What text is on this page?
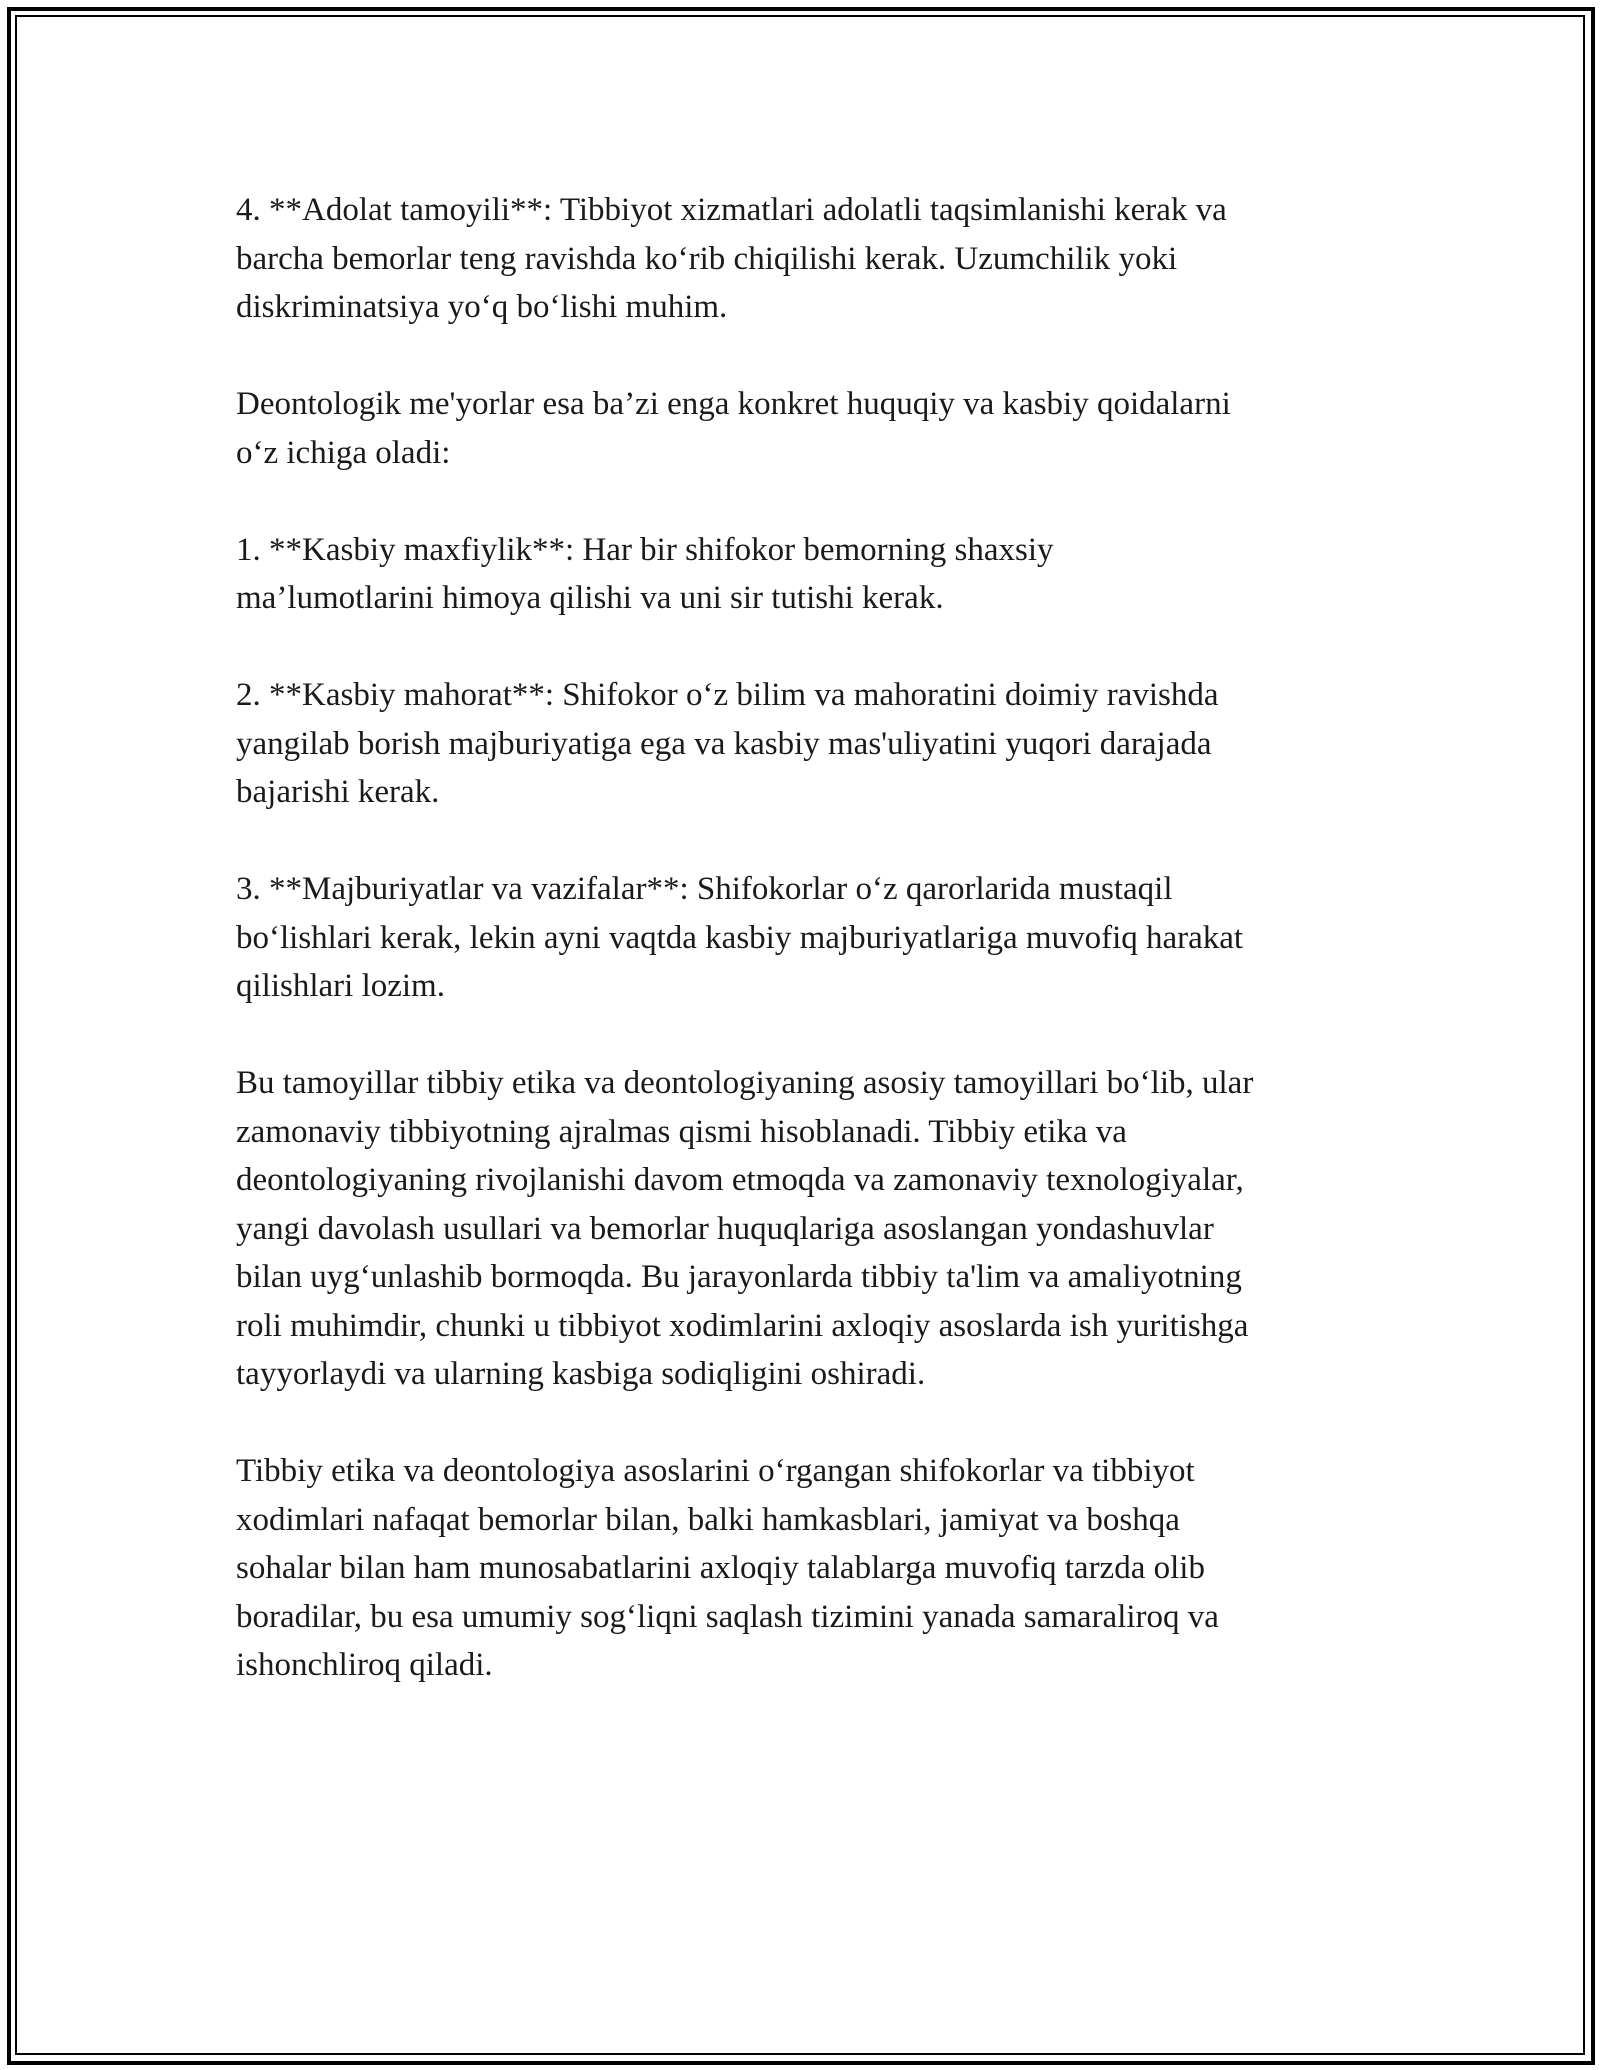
4. **Adolat tamoyili**: Tibbiyot xizmatlari adolatli taqsimlanishi kerak va
barcha bemorlar teng ravishda ko‘rib chiqilishi kerak. Uzumchilik yoki
diskriminatsiya yo‘q bo‘lishi muhim.

Deontologik me'yorlar esa ba’zi enga konkret huquqiy va kasbiy qoidalarni
o‘z ichiga oladi:

1. **Kasbiy maxfiylik**: Har bir shifokor bemorning shaxsiy
ma’lumotlarini himoya qilishi va uni sir tutishi kerak.

2. **Kasbiy mahorat**: Shifokor o‘z bilim va mahoratini doimiy ravishda
yangilab borish majburiyatiga ega va kasbiy mas'uliyatini yuqori darajada
bajarishi kerak.

3. **Majburiyatlar va vazifalar**: Shifokorlar o‘z qarorlarida mustaqil
bo‘lishlari kerak, lekin ayni vaqtda kasbiy majburiyatlariga muvofiq harakat
qilishlari lozim.

Bu tamoyillar tibbiy etika va deontologiyaning asosiy tamoyillari bo‘lib, ular
zamonaviy tibbiyotning ajralmas qismi hisoblanadi. Tibbiy etika va
deontologiyaning rivojlanishi davom etmoqda va zamonaviy texnologiyalar,
yangi davolash usullari va bemorlar huquqlariga asoslangan yondashuvlar
bilan uyg‘unlashib bormoqda. Bu jarayonlarda tibbiy ta'lim va amaliyotning
roli muhimdir, chunki u tibbiyot xodimlarini axloqiy asoslarda ish yuritishga
tayyorlaydi va ularning kasbiga sodiqligini oshiradi.

Tibbiy etika va deontologiya asoslarini o‘rgangan shifokorlar va tibbiyot
xodimlari nafaqat bemorlar bilan, balki hamkasblari, jamiyat va boshqa
sohalar bilan ham munosabatlarini axloqiy talablarga muvofiq tarzda olib
boradilar, bu esa umumiy sog‘liqni saqlash tizimini yanada samaraliroq va
ishonchliroq qiladi.
